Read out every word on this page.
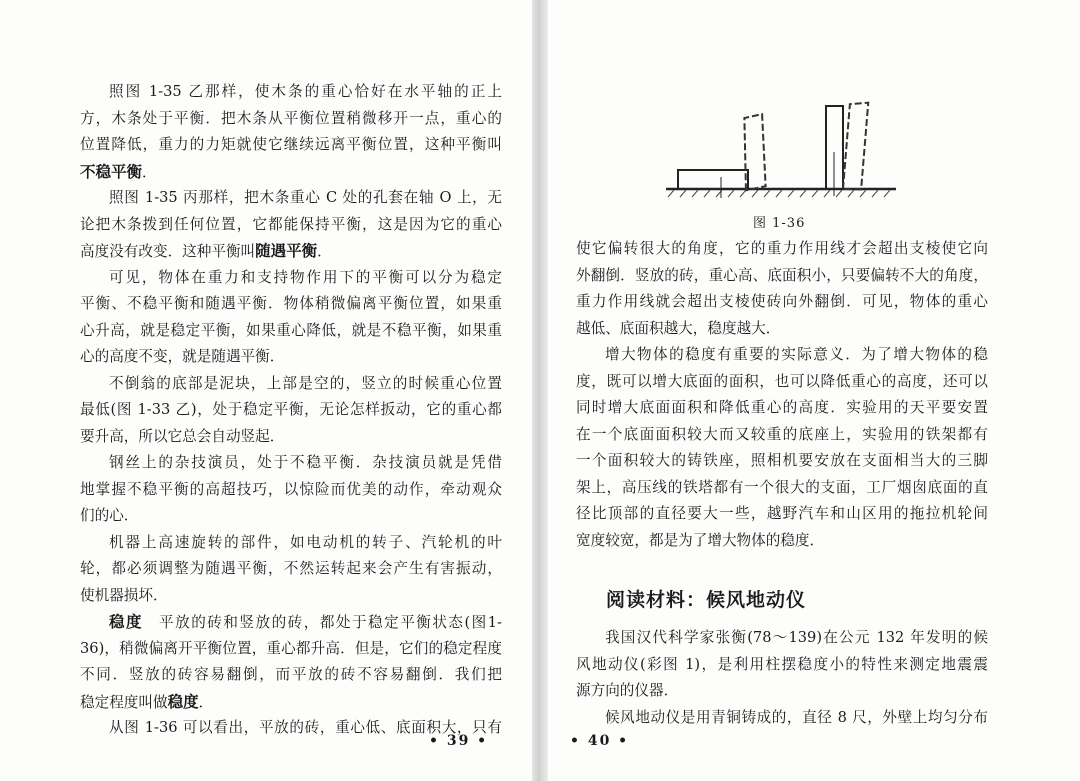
照图 1-35 乙那样，使木条的重心恰好在水平轴的正上
方，木条处于平衡．把木条从平衡位置稍微移开一点，重心的
位置降低，重力的力矩就使它继续远离平衡位置，这种平衡叫
不稳平衡．
照图 1-35 丙那样，把木条重心 C 处的孔套在轴 O 上，无
论把木条拨到任何位置，它都能保持平衡，这是因为它的重心
高度没有改变．这种平衡叫随遇平衡．
可见，物体在重力和支持物作用下的平衡可以分为稳定
平衡、不稳平衡和随遇平衡．物体稍微偏离平衡位置，如果重
心升高，就是稳定平衡，如果重心降低，就是不稳平衡，如果重
心的高度不变，就是随遇平衡．
不倒翁的底部是泥块，上部是空的，竖立的时候重心位置
最低(图 1-33 乙)，处于稳定平衡，无论怎样扳动，它的重心都
要升高，所以它总会自动竖起．
钢丝上的杂技演员，处于不稳平衡．杂技演员就是凭借
地掌握不稳平衡的高超技巧，以惊险而优美的动作，牵动观众
们的心．
机器上高速旋转的部件，如电动机的转子、汽轮机的叶
轮，都必须调整为随遇平衡，不然运转起来会产生有害振动，
使机器损坏．
稳度　平放的砖和竖放的砖，都处于稳定平衡状态(图1-
36)，稍微偏离开平衡位置，重心都升高．但是，它们的稳定程度
不同．竖放的砖容易翻倒，而平放的砖不容易翻倒．我们把
稳定程度叫做稳度．
从图 1-36 可以看出，平放的砖，重心低、底面积大，只有
• 39 •
图 1-36
使它偏转很大的角度，它的重力作用线才会超出支棱使它向
外翻倒．竖放的砖，重心高、底面积小，只要偏转不大的角度，
重力作用线就会超出支棱使砖向外翻倒．可见，物体的重心
越低、底面积越大，稳度越大．
增大物体的稳度有重要的实际意义．为了增大物体的稳
度，既可以增大底面的面积，也可以降低重心的高度，还可以
同时增大底面面积和降低重心的高度．实验用的天平要安置
在一个底面面积较大而又较重的底座上，实验用的铁架都有
一个面积较大的铸铁座，照相机要安放在支面相当大的三脚
架上，高压线的铁塔都有一个很大的支面，工厂烟囱底面的直
径比顶部的直径要大一些，越野汽车和山区用的拖拉机轮间
宽度较宽，都是为了增大物体的稳度．
阅读材料：候风地动仪
我国汉代科学家张衡(78～139)在公元 132 年发明的候
风地动仪(彩图 1)，是利用柱摆稳度小的特性来测定地震震
源方向的仪器．
候风地动仪是用青铜铸成的，直径 8 尺，外壁上均匀分布
• 40 •
